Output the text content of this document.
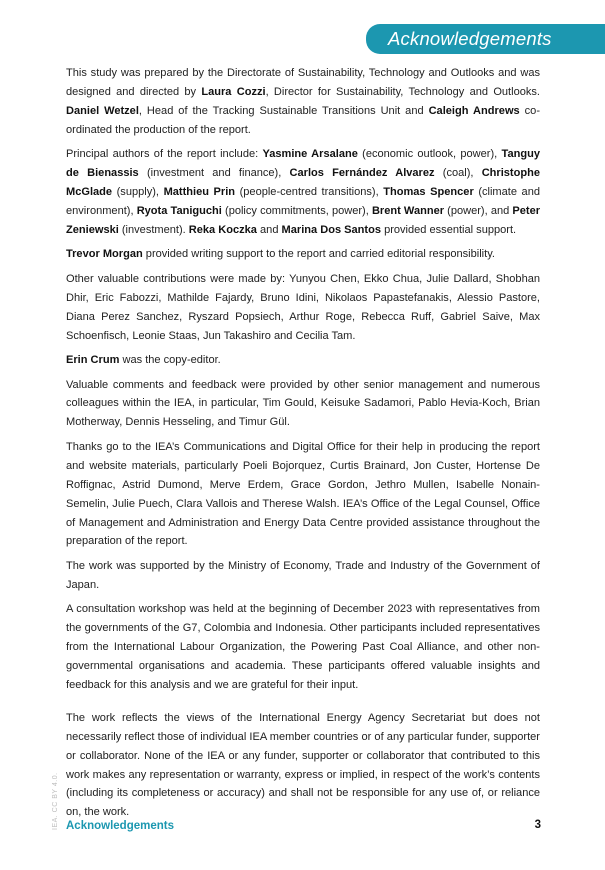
Acknowledgements

This study was prepared by the Directorate of Sustainability, Technology and Outlooks and was designed and directed by Laura Cozzi, Director for Sustainability, Technology and Outlooks. Daniel Wetzel, Head of the Tracking Sustainable Transitions Unit and Caleigh Andrews co-ordinated the production of the report.

Principal authors of the report include: Yasmine Arsalane (economic outlook, power), Tanguy de Bienassis (investment and finance), Carlos Fernández Alvarez (coal), Christophe McGlade (supply), Matthieu Prin (people-centred transitions), Thomas Spencer (climate and environment), Ryota Taniguchi (policy commitments, power), Brent Wanner (power), and Peter Zeniewski (investment). Reka Koczka and Marina Dos Santos provided essential support.

Trevor Morgan provided writing support to the report and carried editorial responsibility.

Other valuable contributions were made by: Yunyou Chen, Ekko Chua, Julie Dallard, Shobhan Dhir, Eric Fabozzi, Mathilde Fajardy, Bruno Idini, Nikolaos Papastefanakis, Alessio Pastore, Diana Perez Sanchez, Ryszard Popsiech, Arthur Roge, Rebecca Ruff, Gabriel Saive, Max Schoenfisch, Leonie Staas, Jun Takashiro and Cecilia Tam.

Erin Crum was the copy-editor.

Valuable comments and feedback were provided by other senior management and numerous colleagues within the IEA, in particular, Tim Gould, Keisuke Sadamori, Pablo Hevia-Koch, Brian Motherway, Dennis Hesseling, and Timur Gül.

Thanks go to the IEA’s Communications and Digital Office for their help in producing the report and website materials, particularly Poeli Bojorquez, Curtis Brainard, Jon Custer, Hortense De Roffignac, Astrid Dumond, Merve Erdem, Grace Gordon, Jethro Mullen, Isabelle Nonain-Semelin, Julie Puech, Clara Vallois and Therese Walsh. IEA’s Office of the Legal Counsel, Office of Management and Administration and Energy Data Centre provided assistance throughout the preparation of the report.

The work was supported by the Ministry of Economy, Trade and Industry of the Government of Japan.

A consultation workshop was held at the beginning of December 2023 with representatives from the governments of the G7, Colombia and Indonesia. Other participants included representatives from the International Labour Organization, the Powering Past Coal Alliance, and other non-governmental organisations and academia. These participants offered valuable insights and feedback for this analysis and we are grateful for their input.

The work reflects the views of the International Energy Agency Secretariat but does not necessarily reflect those of individual IEA member countries or of any particular funder, supporter or collaborator. None of the IEA or any funder, supporter or collaborator that contributed to this work makes any representation or warranty, express or implied, in respect of the work’s contents (including its completeness or accuracy) and shall not be responsible for any use of, or reliance on, the work.

IEA. CC BY 4.0. Acknowledgements	3
